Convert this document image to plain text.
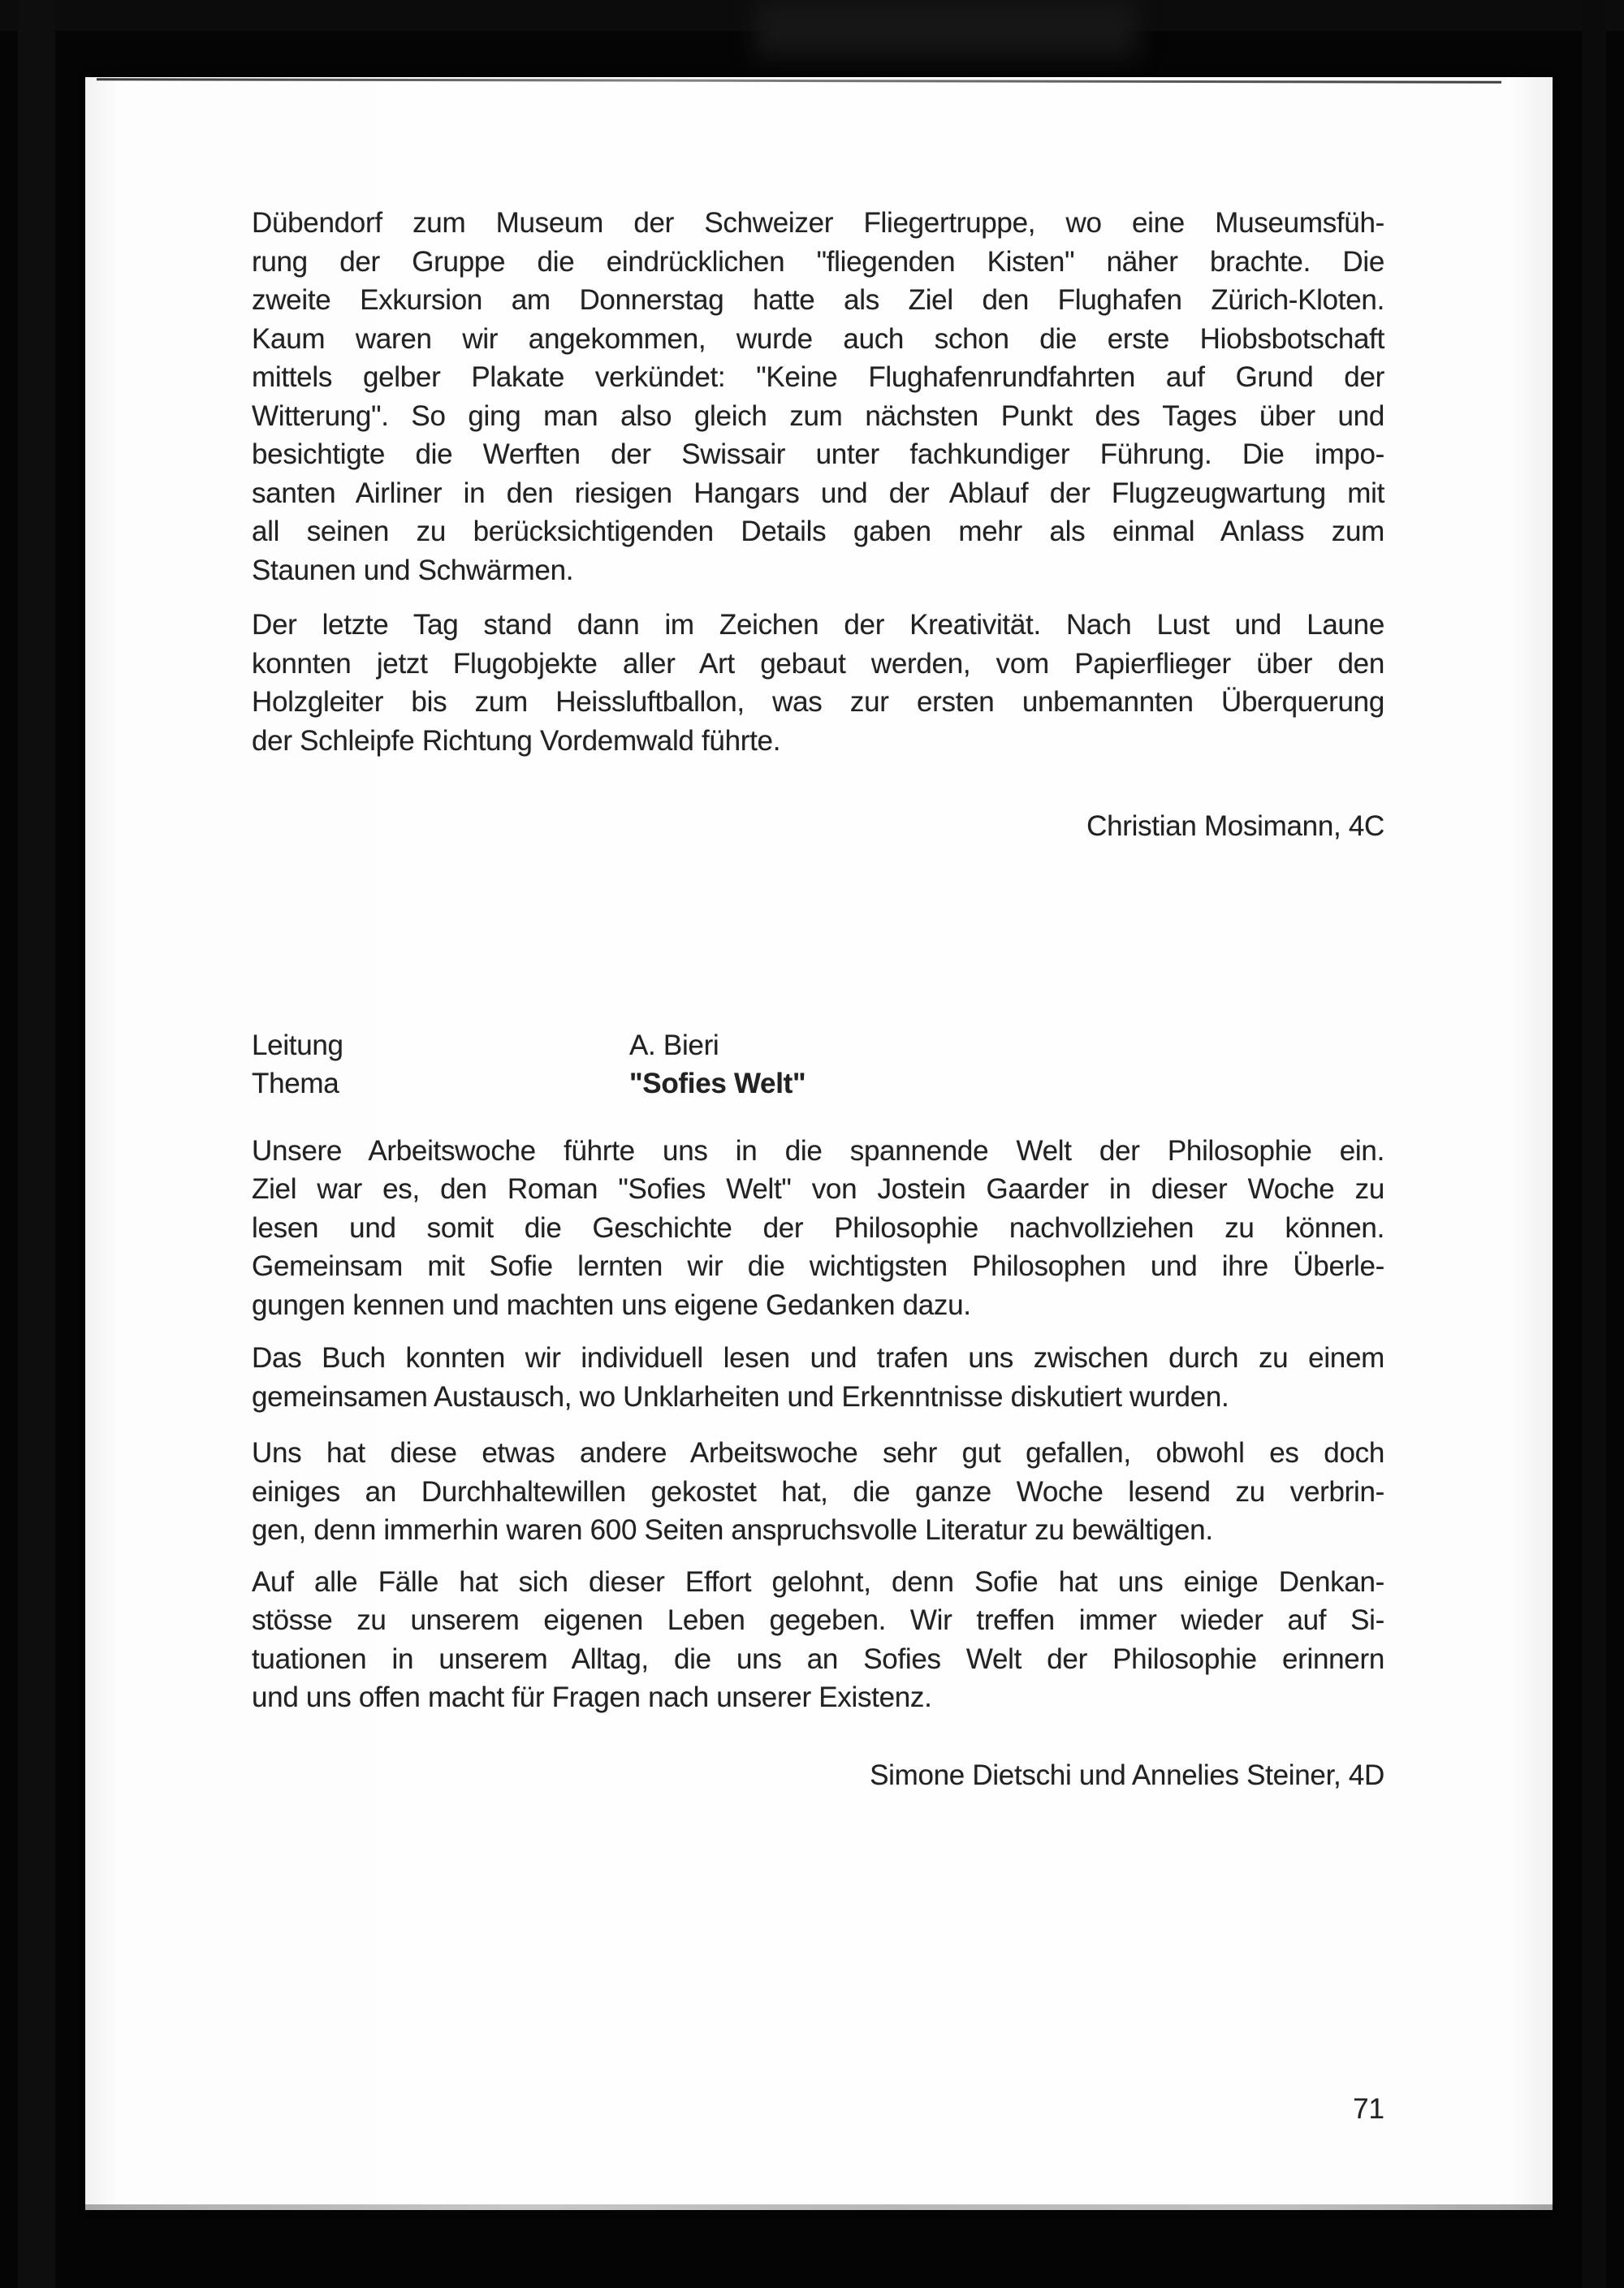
Dübendorf zum Museum der Schweizer Fliegertruppe, wo eine Museumsfüh-
rung der Gruppe die eindrücklichen "fliegenden Kisten" näher brachte. Die
zweite Exkursion am Donnerstag hatte als Ziel den Flughafen Zürich-Kloten.
Kaum waren wir angekommen, wurde auch schon die erste Hiobsbotschaft
mittels gelber Plakate verkündet: "Keine Flughafenrundfahrten auf Grund der
Witterung". So ging man also gleich zum nächsten Punkt des Tages über und
besichtigte die Werften der Swissair unter fachkundiger Führung. Die impo-
santen Airliner in den riesigen Hangars und der Ablauf der Flugzeugwartung mit
all seinen zu berücksichtigenden Details gaben mehr als einmal Anlass zum
Staunen und Schwärmen.
Der letzte Tag stand dann im Zeichen der Kreativität. Nach Lust und Laune
konnten jetzt Flugobjekte aller Art gebaut werden, vom Papierflieger über den
Holzgleiter bis zum Heissluftballon, was zur ersten unbemannten Überquerung
der Schleipfe Richtung Vordemwald führte.
Christian Mosimann, 4C
Leitung	A. Bieri
Thema	"Sofies Welt"
Unsere Arbeitswoche führte uns in die spannende Welt der Philosophie ein.
Ziel war es, den Roman "Sofies Welt" von Jostein Gaarder in dieser Woche zu
lesen und somit die Geschichte der Philosophie nachvollziehen zu können.
Gemeinsam mit Sofie lernten wir die wichtigsten Philosophen und ihre Überle-
gungen kennen und machten uns eigene Gedanken dazu.
Das Buch konnten wir individuell lesen und trafen uns zwischen durch zu einem
gemeinsamen Austausch, wo Unklarheiten und Erkenntnisse diskutiert wurden.
Uns hat diese etwas andere Arbeitswoche sehr gut gefallen, obwohl es doch
einiges an Durchhaltewillen gekostet hat, die ganze Woche lesend zu verbrin-
gen, denn immerhin waren 600 Seiten anspruchsvolle Literatur zu bewältigen.
Auf alle Fälle hat sich dieser Effort gelohnt, denn Sofie hat uns einige Denkan-
stösse zu unserem eigenen Leben gegeben. Wir treffen immer wieder auf Si-
tuationen in unserem Alltag, die uns an Sofies Welt der Philosophie erinnern
und uns offen macht für Fragen nach unserer Existenz.
Simone Dietschi und Annelies Steiner, 4D
71
